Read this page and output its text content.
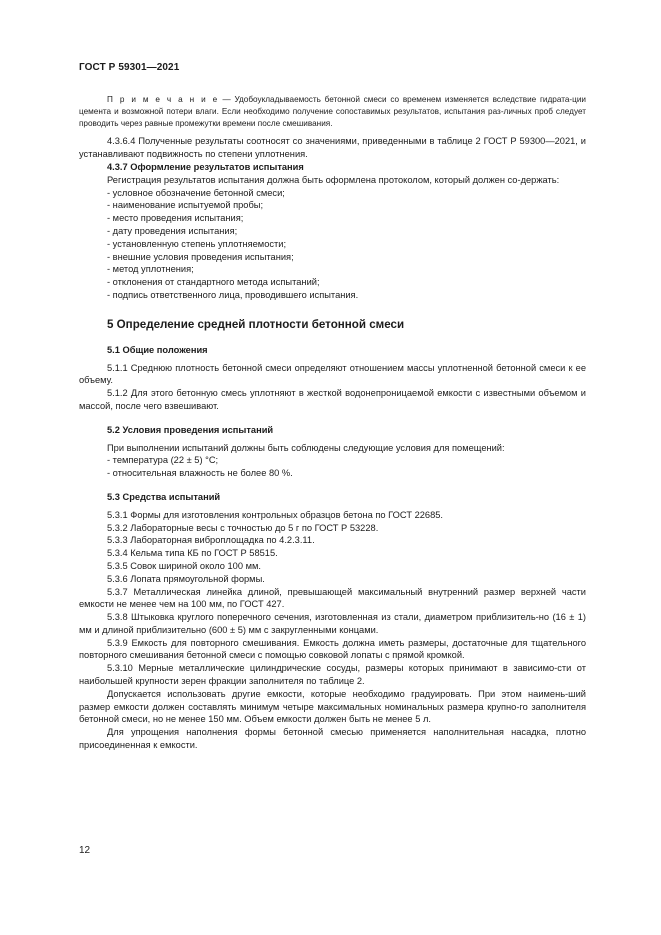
ГОСТ Р 59301—2021

П р и м е ч а н и е — Удобоукладываемость бетонной смеси со временем изменяется вследствие гидрата-ции цемента и возможной потери влаги. Если необходимо получение сопоставимых результатов, испытания раз-личных проб следует проводить через равные промежутки времени после смешивания.

4.3.6.4 Полученные результаты соотносят со значениями, приведенными в таблице 2 ГОСТ Р 59300—2021, и устанавливают подвижность по степени уплотнения.

4.3.7 Оформление результатов испытания

Регистрация результатов испытания должна быть оформлена протоколом, который должен со-держать:

- условное обозначение бетонной смеси;

- наименование испытуемой пробы;

- место проведения испытания;

- дату проведения испытания;

- установленную степень уплотняемости;

- внешние условия проведения испытания;

- метод уплотнения;

- отклонения от стандартного метода испытаний;

- подпись ответственного лица, проводившего испытания.

5 Определение средней плотности бетонной смеси
5.1 Общие положения

5.1.1 Среднюю плотность бетонной смеси определяют отношением массы уплотненной бетонной смеси к ее объему.

5.1.2 Для этого бетонную смесь уплотняют в жесткой водонепроницаемой емкости с известными объемом и массой, после чего взвешивают.

5.2 Условия проведения испытаний

При выполнении испытаний должны быть соблюдены следующие условия для помещений:

- температура (22 ± 5) °С;

- относительная влажность не более 80 %.

5.3 Средства испытаний

5.3.1 Формы для изготовления контрольных образцов бетона по ГОСТ 22685.

5.3.2 Лабораторные весы с точностью до 5 г по ГОСТ Р 53228.

5.3.3 Лабораторная виброплощадка по 4.2.3.11.

5.3.4 Кельма типа КБ по ГОСТ Р 58515.

5.3.5 Совок шириной около 100 мм.

5.3.6 Лопата прямоугольной формы.

5.3.7 Металлическая линейка длиной, превышающей максимальный внутренний размер верхней части емкости не менее чем на 100 мм, по ГОСТ 427.

5.3.8 Штыковка круглого поперечного сечения, изготовленная из стали, диаметром приблизитель-но (16 ± 1) мм и длиной приблизительно (600 ± 5) мм с закругленными концами.

5.3.9 Емкость для повторного смешивания. Емкость должна иметь размеры, достаточные для тщательного повторного смешивания бетонной смеси с помощью совковой лопаты с прямой кромкой.

5.3.10 Мерные металлические цилиндрические сосуды, размеры которых принимают в зависимо-сти от наибольшей крупности зерен фракции заполнителя по таблице 2.

Допускается использовать другие емкости, которые необходимо градуировать. При этом наимень-ший размер емкости должен составлять минимум четыре максимальных номинальных размера крупно-го заполнителя бетонной смеси, но не менее 150 мм. Объем емкости должен быть не менее 5 л.

Для упрощения наполнения формы бетонной смесью применяется наполнительная насадка, плотно присоединенная к емкости.

12
